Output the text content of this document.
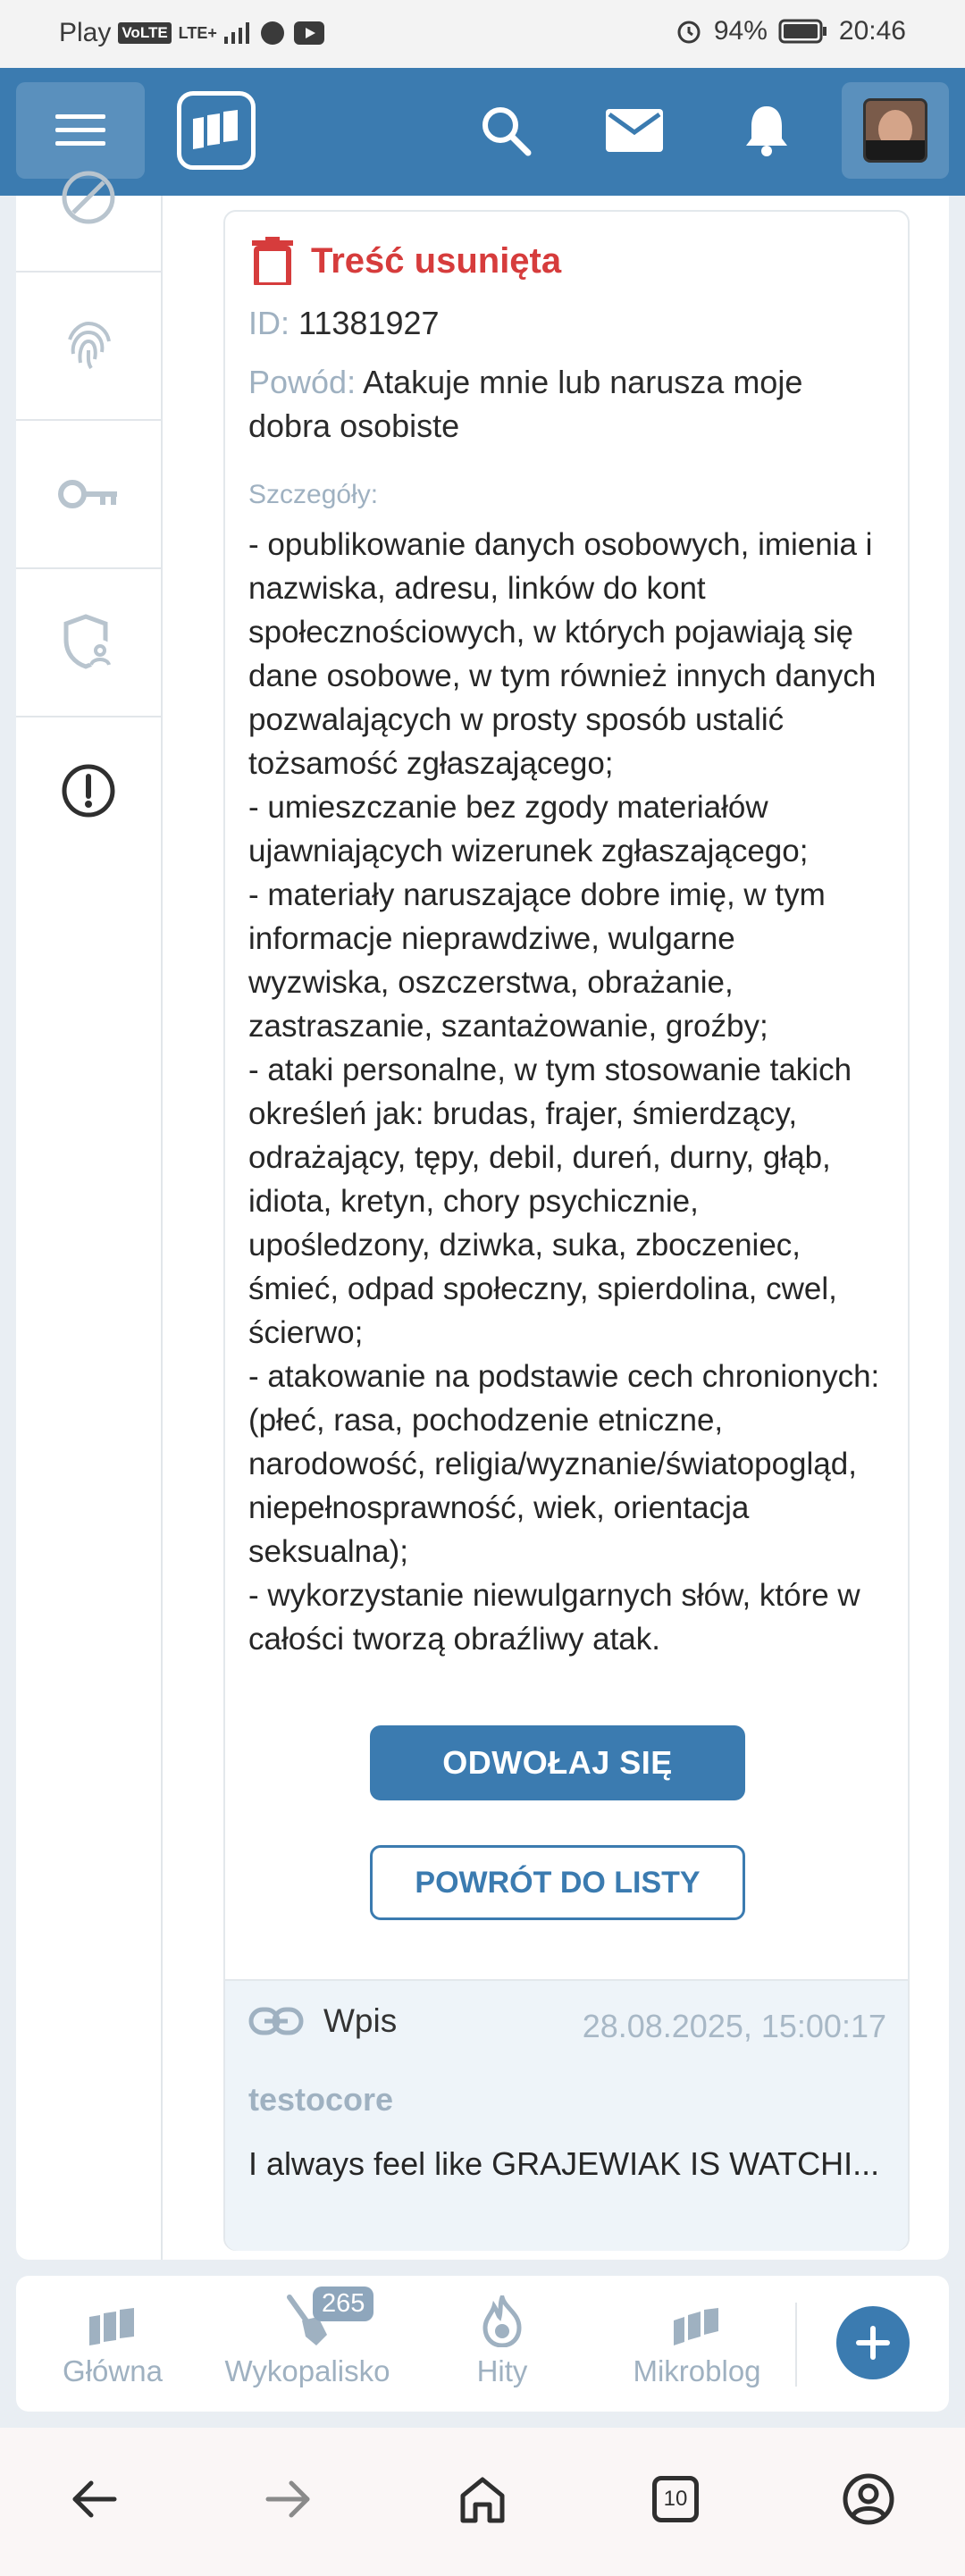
Play VoLTE LTE+	94%	20:46
Treść usunięta
ID: 11381927
Powód: Atakuje mnie lub narusza moje dobra osobiste
Szczegóły:
- opublikowanie danych osobowych, imienia i nazwiska, adresu, linków do kont społecznościowych, w których pojawiają się dane osobowe, w tym również innych danych pozwalających w prosty sposób ustalić tożsamość zgłaszającego;
- umieszczanie bez zgody materiałów ujawniających wizerunek zgłaszającego;
- materiały naruszające dobre imię, w tym informacje nieprawdziwe, wulgarne wyzwiska, oszczerstwa, obrażanie, zastraszanie, szantażowanie, groźby;
- ataki personalne, w tym stosowanie takich określeń jak: brudas, frajer, śmierdzący, odrażający, tępy, debil, dureń, durny, głąb, idiota, kretyn, chory psychicznie, upośledzony, dziwka, suka, zboczeniec, śmieć, odpad społeczny, spierdolina, cwel, ścierwo;
- atakowanie na podstawie cech chronionych: (płeć, rasa, pochodzenie etniczne, narodowość, religia/wyznanie/światopogląd, niepełnosprawność, wiek, orientacja seksualna);
- wykorzystanie niewulgarnych słów, które w całości tworzą obraźliwy atak.
ODWOŁAJ SIĘ
POWRÓT DO LISTY
Wpis	28.08.2025, 15:00:17
testocore
I always feel like GRAJEWIAK IS WATCHI...
Główna
265
Wykopalisko	Hity	Mikroblog
10
